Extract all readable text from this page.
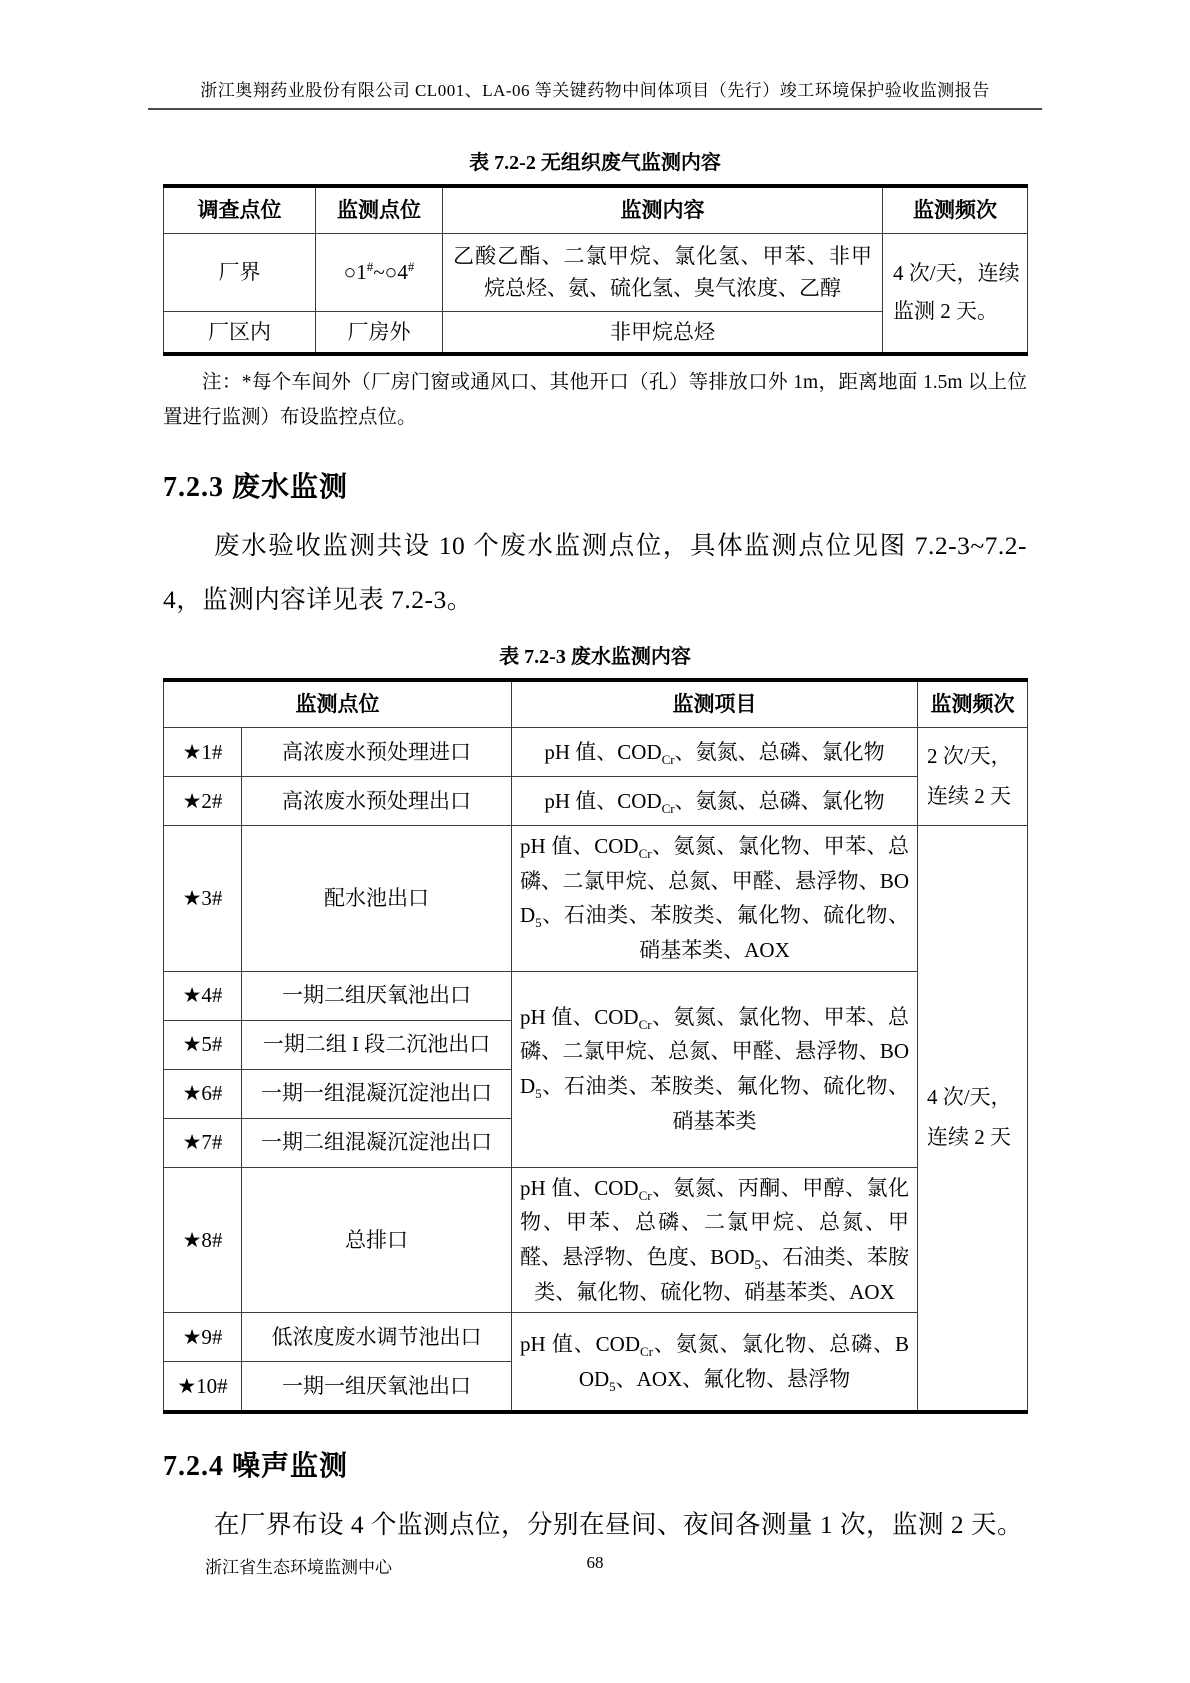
浙江奥翔药业股份有限公司 CL001、LA-06 等关键药物中间体项目（先行）竣工环境保护验收监测报告
表 7.2-2 无组织废气监测内容
调查点位	监测点位	监测内容	监测频次
厂界	○1#~○4#	乙酸乙酯、二氯甲烷、氯化氢、甲苯、非甲烷总烃、氨、硫化氢、臭气浓度、乙醇	4 次/天，连续监测 2 天。
厂区内	厂房外	非甲烷总烃	
注：*每个车间外（厂房门窗或通风口、其他开口（孔）等排放口外 1m，距离地面 1.5m 以上位置进行监测）布设监控点位。
7.2.3 废水监测

废水验收监测共设 10 个废水监测点位，具体监测点位见图 7.2-3~7.2-4，监测内容详见表 7.2-3。

表 7.2-3 废水监测内容
监测点位		监测项目	监测频次
★1#	高浓废水预处理进口	pH 值、$COD_{Cr}$、氨氮、总磷、氯化物	2 次/天，连续 2 天
★2#	高浓废水预处理出口	pH 值、$COD_{Cr}$、氨氮、总磷、氯化物	
★3#	配水池出口	pH 值、$COD_{Cr}$、氨氮、氯化物、甲苯、总磷、二氯甲烷、总氮、甲醛、悬浮物、$BOD_5$、石油类、苯胺类、氟化物、硫化物、硝基苯类、AOX	4 次/天，连续 2 天
★4#	一期二组厌氧池出口	pH 值、$COD_{Cr}$、氨氮、氯化物、甲苯、总磷、二氯甲烷、总氮、甲醛、悬浮物、$BOD_5$、石油类、苯胺类、氟化物、硫化物、硝基苯类	
★5#	一期二组 I 段二沉池出口		
★6#	一期一组混凝沉淀池出口		
★7#	一期二组混凝沉淀池出口		
★8#	总排口	pH 值、$COD_{Cr}$、氨氮、丙酮、甲醇、氯化物、甲苯、总磷、二氯甲烷、总氮、甲醛、悬浮物、色度、$BOD_5$、石油类、苯胺类、氟化物、硫化物、硝基苯类、AOX	
★9#	低浓度废水调节池出口	pH 值、$COD_{Cr}$、氨氮、氯化物、总磷、$BOD_5$、AOX、氟化物、悬浮物	
★10#	一期一组厌氧池出口		
7.2.4 噪声监测

在厂界布设 4 个监测点位，分别在昼间、夜间各测量 1 次，监测 2 天。

浙江省生态环境监测中心	68
